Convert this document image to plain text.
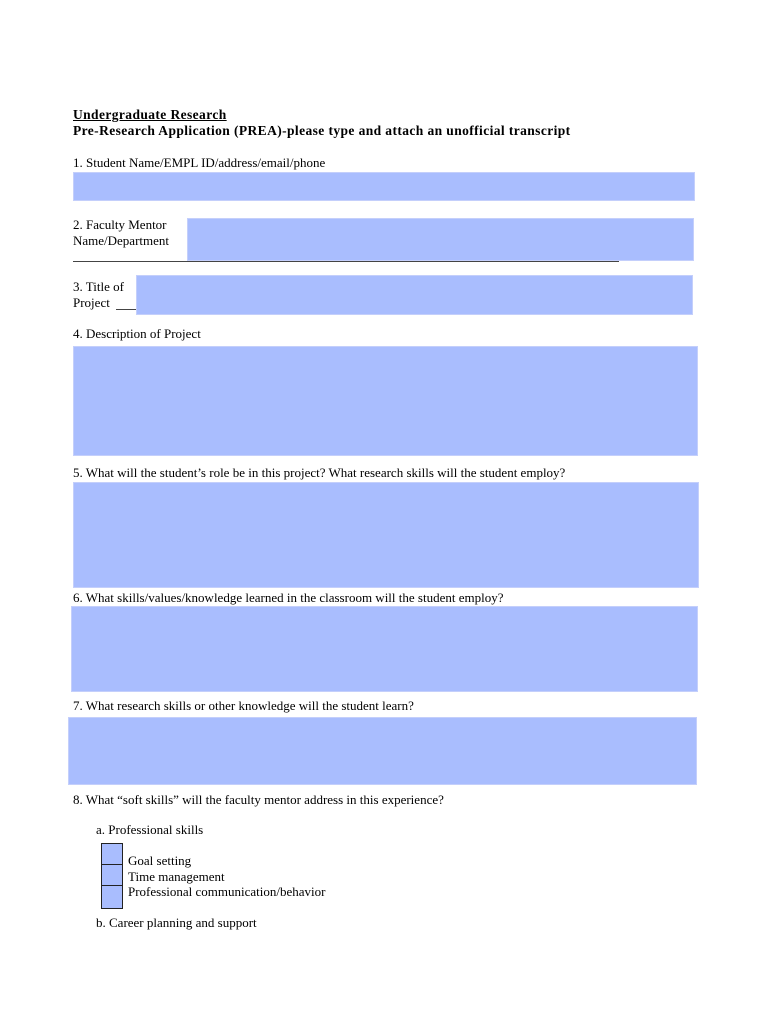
Undergraduate Research
Pre-Research Application (PREA)-please type and attach an unofficial transcript
1. Student Name/EMPL ID/address/email/phone
2. Faculty Mentor
Name/Department
3. Title of
Project
4. Description of Project
5. What will the student’s role be in this project? What research skills will the student employ?
6. What skills/values/knowledge learned in the classroom will the student employ?
7. What research skills or other knowledge will the student learn?
8. What “soft skills” will the faculty mentor address in this experience?
a. Professional skills
Goal setting
Time management
Professional communication/behavior
b. Career planning and support
